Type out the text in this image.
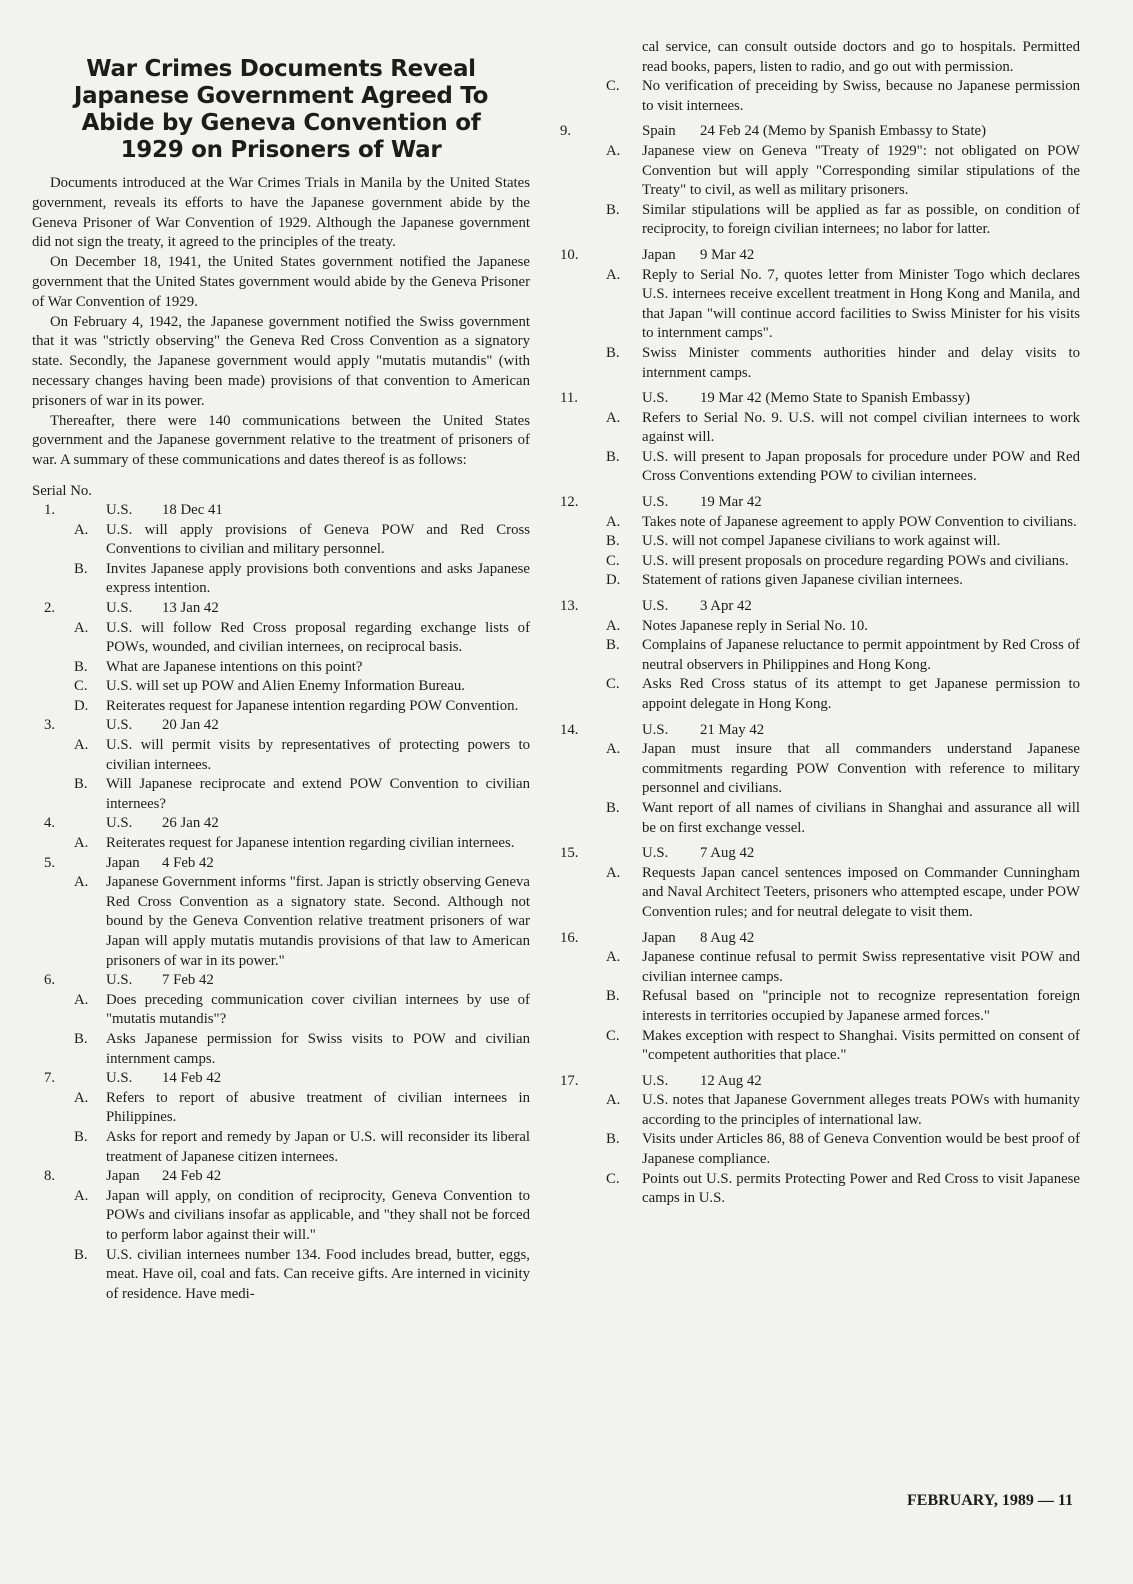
War Crimes Documents Reveal Japanese Government Agreed To Abide by Geneva Convention of 1929 on Prisoners of War

Documents introduced at the War Crimes Trials in Manila by the United States government, reveals its efforts to have the Japanese government abide by the Geneva Prisoner of War Convention of 1929. Although the Japanese government did not sign the treaty, it agreed to the principles of the treaty.

On December 18, 1941, the United States government notified the Japanese government that the United States government would abide by the Geneva Prisoner of War Convention of 1929.

On February 4, 1942, the Japanese government notified the Swiss government that it was "strictly observing" the Geneva Red Cross Convention as a signatory state. Secondly, the Japanese government would apply "mutatis mutandis" (with necessary changes having been made) provisions of that convention to American prisoners of war in its power.

Thereafter, there were 140 communications between the United States government and the Japanese government relative to the treatment of prisoners of war. A summary of these communications and dates thereof is as follows:

Serial No.
1.	U.S.	18 Dec 41
A.	U.S. will apply provisions of Geneva POW and Red Cross Conventions to civilian and military personnel.
B.	Invites Japanese apply provisions both conventions and asks Japanese express intention.
2.	U.S.	13 Jan 42
A.	U.S. will follow Red Cross proposal regarding exchange lists of POWs, wounded, and civilian internees, on reciprocal basis.
B.	What are Japanese intentions on this point?
C.	U.S. will set up POW and Alien Enemy Information Bureau.
D.	Reiterates request for Japanese intention regarding POW Convention.
3.	U.S.	20 Jan 42
A.	U.S. will permit visits by representatives of protecting powers to civilian internees.
B.	Will Japanese reciprocate and extend POW Convention to civilian internees?
4.	U.S.	26 Jan 42
A.	Reiterates request for Japanese intention regarding civilian internees.
5.	Japan	4 Feb 42
A.	Japanese Government informs "first. Japan is strictly observing Geneva Red Cross Convention as a signatory state. Second. Although not bound by the Geneva Convention relative treatment prisoners of war Japan will apply mutatis mutandis provisions of that law to American prisoners of war in its power."
6.	U.S.	7 Feb 42
A.	Does preceding communication cover civilian internees by use of "mutatis mutandis"?
B.	Asks Japanese permission for Swiss visits to POW and civilian internment camps.
7.	U.S.	14 Feb 42
A.	Refers to report of abusive treatment of civilian internees in Philippines.
B.	Asks for report and remedy by Japan or U.S. will reconsider its liberal treatment of Japanese citizen internees.
8.	Japan	24 Feb 42
A.	Japan will apply, on condition of reciprocity, Geneva Convention to POWs and civilians insofar as applicable, and "they shall not be forced to perform labor against their will."
B.	U.S. civilian internees number 134. Food includes bread, butter, eggs, meat. Have oil, coal and fats. Can receive gifts. Are interned in vicinity of residence. Have medi-
cal service, can consult outside doctors and go to hospitals. Permitted read books, papers, listen to radio, and go out with permission.
C.	No verification of preceiding by Swiss, because no Japanese permission to visit internees.
9.	Spain	24 Feb 24 (Memo by Spanish Embassy to State)
A.	Japanese view on Geneva "Treaty of 1929": not obligated on POW Convention but will apply "Corresponding similar stipulations of the Treaty" to civil, as well as military prisoners.
B.	Similar stipulations will be applied as far as possible, on condition of reciprocity, to foreign civilian internees; no labor for latter.
10.	Japan	9 Mar 42
A.	Reply to Serial No. 7, quotes letter from Minister Togo which declares U.S. internees receive excellent treatment in Hong Kong and Manila, and that Japan "will continue accord facilities to Swiss Minister for his visits to internment camps".
B.	Swiss Minister comments authorities hinder and delay visits to internment camps.
11.	U.S.	19 Mar 42 (Memo State to Spanish Embassy)
A.	Refers to Serial No. 9. U.S. will not compel civilian internees to work against will.
B.	U.S. will present to Japan proposals for procedure under POW and Red Cross Conventions extending POW to civilian internees.
12.	U.S.	19 Mar 42
A.	Takes note of Japanese agreement to apply POW Convention to civilians.
B.	U.S. will not compel Japanese civilians to work against will.
C.	U.S. will present proposals on procedure regarding POWs and civilians.
D.	Statement of rations given Japanese civilian internees.
13.	U.S.	3 Apr 42
A.	Notes Japanese reply in Serial No. 10.
B.	Complains of Japanese reluctance to permit appointment by Red Cross of neutral observers in Philippines and Hong Kong.
C.	Asks Red Cross status of its attempt to get Japanese permission to appoint delegate in Hong Kong.
14.	U.S.	21 May 42
A.	Japan must insure that all commanders understand Japanese commitments regarding POW Convention with reference to military personnel and civilians.
B.	Want report of all names of civilians in Shanghai and assurance all will be on first exchange vessel.
15.	U.S.	7 Aug 42
A.	Requests Japan cancel sentences imposed on Commander Cunningham and Naval Architect Teeters, prisoners who attempted escape, under POW Convention rules; and for neutral delegate to visit them.
16.	Japan	8 Aug 42
A.	Japanese continue refusal to permit Swiss representative visit POW and civilian internee camps.
B.	Refusal based on "principle not to recognize representation foreign interests in territories occupied by Japanese armed forces."
C.	Makes exception with respect to Shanghai. Visits permitted on consent of "competent authorities that place."
17.	U.S.	12 Aug 42
A.	U.S. notes that Japanese Government alleges treats POWs with humanity according to the principles of international law.
B.	Visits under Articles 86, 88 of Geneva Convention would be best proof of Japanese compliance.
C.	Points out U.S. permits Protecting Power and Red Cross to visit Japanese camps in U.S.
FEBRUARY, 1989 — 11
